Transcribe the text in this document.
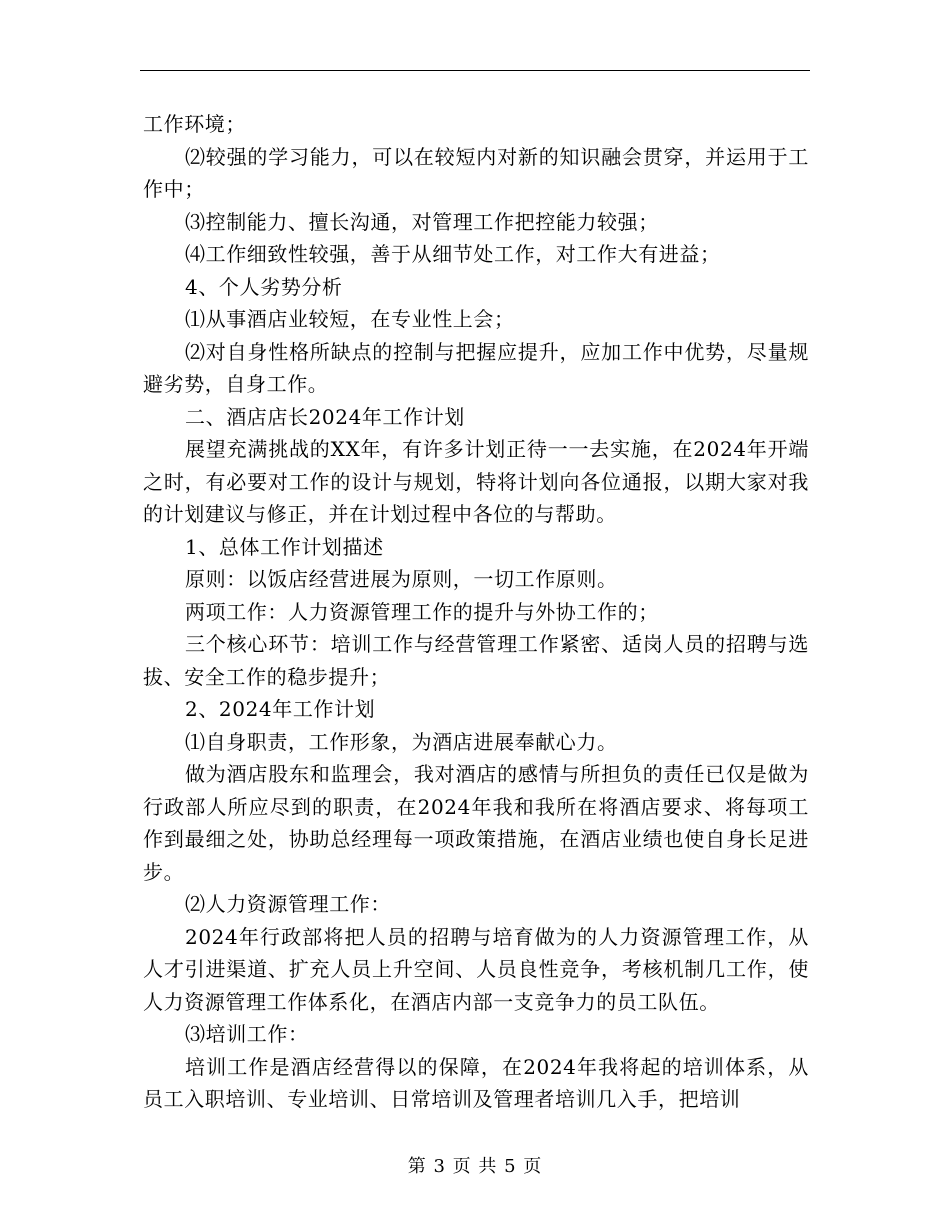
工作环境；

⑵较强的学习能力，可以在较短内对新的知识融会贯穿，并运用于工作中；

⑶控制能力、擅长沟通，对管理工作把控能力较强；

⑷工作细致性较强，善于从细节处工作，对工作大有进益；

4、个人劣势分析

⑴从事酒店业较短，在专业性上会；

⑵对自身性格所缺点的控制与把握应提升，应加工作中优势，尽量规避劣势，自身工作。

二、酒店店长2024年工作计划

展望充满挑战的XX年，有许多计划正待一一去实施，在2024年开端之时，有必要对工作的设计与规划，特将计划向各位通报，以期大家对我的计划建议与修正，并在计划过程中各位的与帮助。

1、总体工作计划描述

原则：以饭店经营进展为原则，一切工作原则。

两项工作：人力资源管理工作的提升与外协工作的；

三个核心环节：培训工作与经营管理工作紧密、适岗人员的招聘与选拔、安全工作的稳步提升；

2、2024年工作计划

⑴自身职责，工作形象，为酒店进展奉献心力。

做为酒店股东和监理会，我对酒店的感情与所担负的责任已仅是做为行政部人所应尽到的职责，在2024年我和我所在将酒店要求、将每项工作到最细之处，协助总经理每一项政策措施，在酒店业绩也使自身长足进步。

⑵人力资源管理工作：

2024年行政部将把人员的招聘与培育做为的人力资源管理工作，从人才引进渠道、扩充人员上升空间、人员良性竞争，考核机制几工作，使人力资源管理工作体系化，在酒店内部一支竞争力的员工队伍。

⑶培训工作：

培训工作是酒店经营得以的保障，在2024年我将起的培训体系，从员工入职培训、专业培训、日常培训及管理者培训几入手，把培训

第 3 页 共 5 页
